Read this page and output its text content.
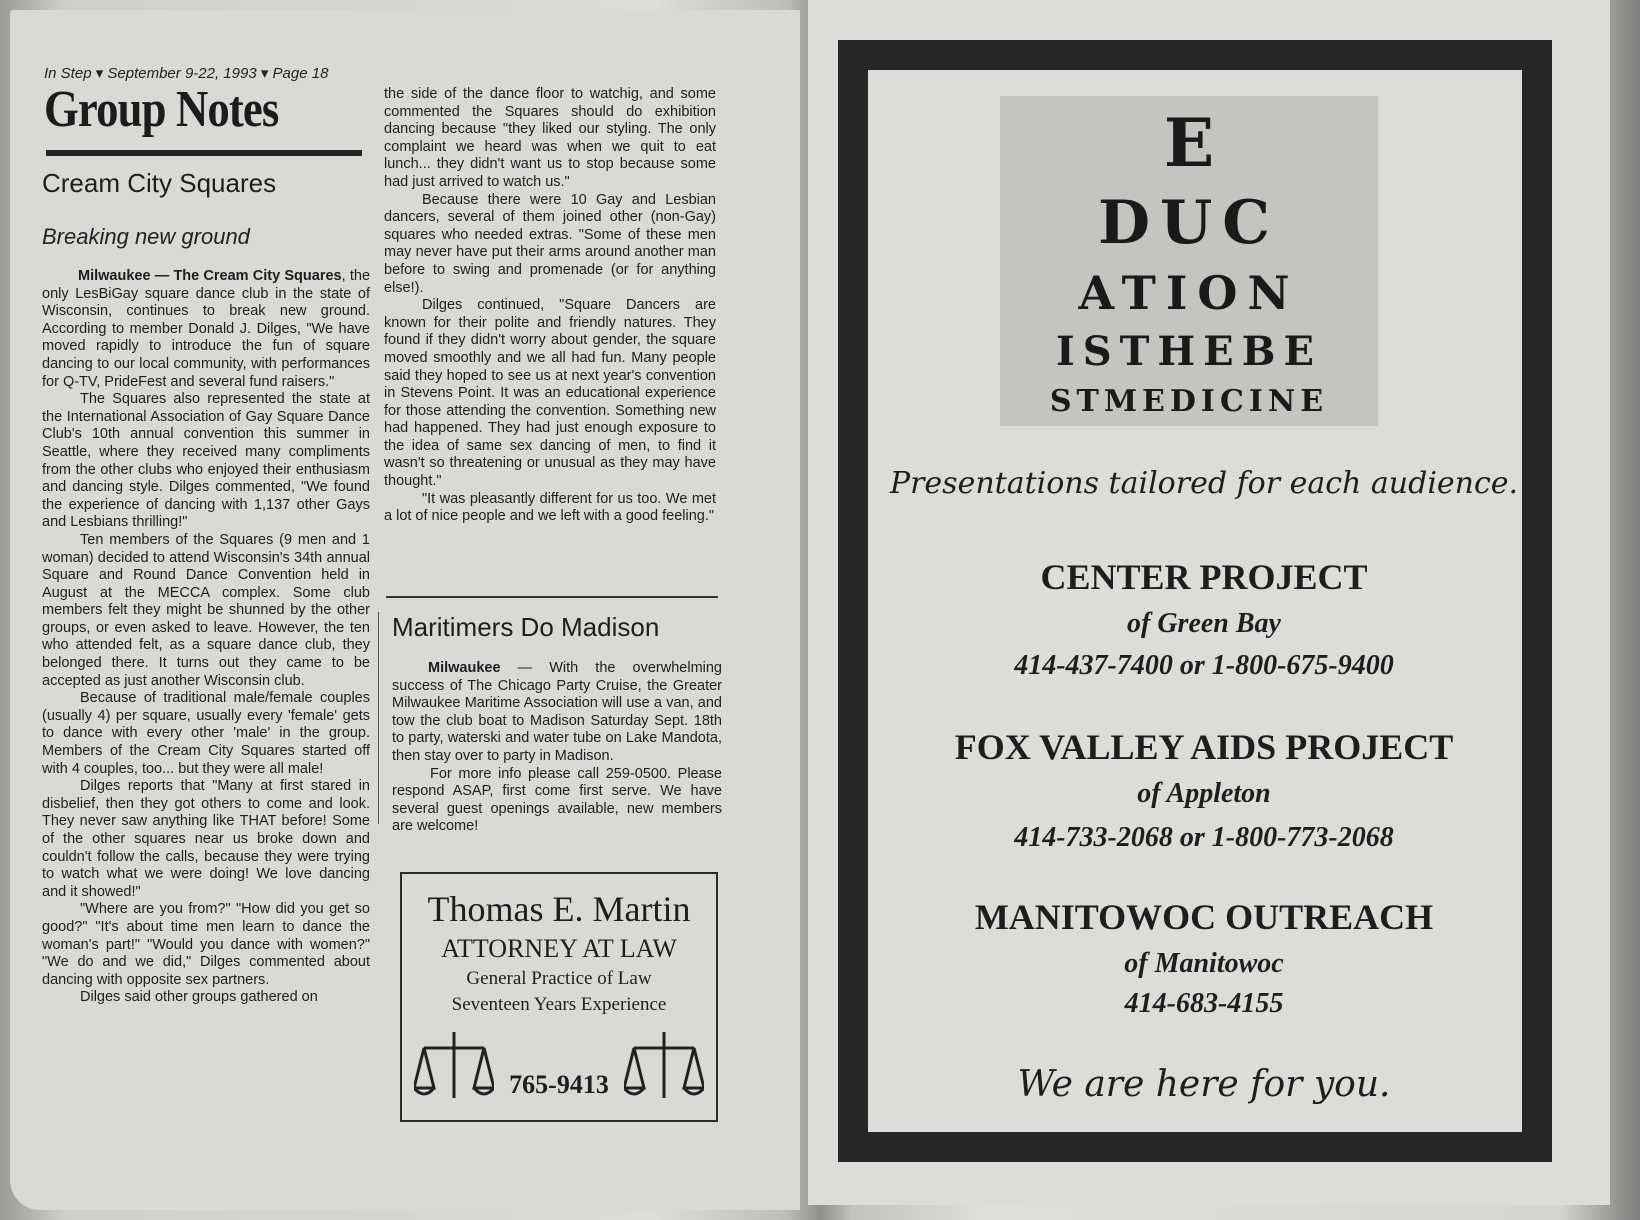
In Step ▾ September 9-22, 1993 ▾ Page 18
Group Notes
Cream City Squares
Breaking new ground

Milwaukee — The Cream City Squares, the only LesBiGay square dance club in the state of Wisconsin, continues to break new ground. According to member Donald J. Dilges, "We have moved rapidly to introduce the fun of square dancing to our local community, with performances for Q-TV, PrideFest and several fund raisers."

The Squares also represented the state at the International Association of Gay Square Dance Club's 10th annual convention this summer in Seattle, where they received many compliments from the other clubs who enjoyed their enthusiasm and dancing style. Dilges commented, "We found the experience of dancing with 1,137 other Gays and Lesbians thrilling!"

Ten members of the Squares (9 men and 1 woman) decided to attend Wisconsin's 34th annual Square and Round Dance Convention held in August at the MECCA complex. Some club members felt they might be shunned by the other groups, or even asked to leave. However, the ten who attended felt, as a square dance club, they belonged there. It turns out they came to be accepted as just another Wisconsin club.

Because of traditional male/female couples (usually 4) per square, usually every 'female' gets to dance with every other 'male' in the group. Members of the Cream City Squares started off with 4 couples, too... but they were all male!

Dilges reports that "Many at first stared in disbelief, then they got others to come and look. They never saw anything like THAT before! Some of the other squares near us broke down and couldn't follow the calls, because they were trying to watch what we were doing! We love dancing and it showed!"

"Where are you from?" "How did you get so good?" "It's about time men learn to dance the woman's part!" "Would you dance with women?" "We do and we did," Dilges commented about dancing with opposite sex partners.

Dilges said other groups gathered on

the side of the dance floor to watchig, and some commented the Squares should do exhibition dancing because "they liked our styling. The only complaint we heard was when we quit to eat lunch... they didn't want us to stop because some had just arrived to watch us."

Because there were 10 Gay and Lesbian dancers, several of them joined other (non-Gay) squares who needed extras. "Some of these men may never have put their arms around another man before to swing and promenade (or for anything else!).

Dilges continued, "Square Dancers are known for their polite and friendly natures. They found if they didn't worry about gender, the square moved smoothly and we all had fun. Many people said they hoped to see us at next year's convention in Stevens Point. It was an educational experience for those attending the convention. Something new had happened. They had just enough exposure to the idea of same sex dancing of men, to find it wasn't so threatening or unusual as they may have thought."

"It was pleasantly different for us too. We met a lot of nice people and we left with a good feeling."

Maritimers Do Madison

Milwaukee — With the overwhelming success of The Chicago Party Cruise, the Greater Milwaukee Maritime Association will use a van, and tow the club boat to Madison Saturday Sept. 18th to party, waterski and water tube on Lake Mandota, then stay over to party in Madison.

For more info please call 259-0500. Please respond ASAP, first come first serve. We have several guest openings available, new members are welcome!

Thomas E. Martin
ATTORNEY AT LAW
General Practice of Law
Seventeen Years Experience
765-9413
E
DUC
ATION
ISTHEBE
STMEDICINE
Presentations tailored for each audience.
CENTER PROJECT
of Green Bay
414-437-7400 or 1-800-675-9400
FOX VALLEY AIDS PROJECT
of Appleton
414-733-2068 or 1-800-773-2068
MANITOWOC OUTREACH
of Manitowoc
414-683-4155
We are here for you.
